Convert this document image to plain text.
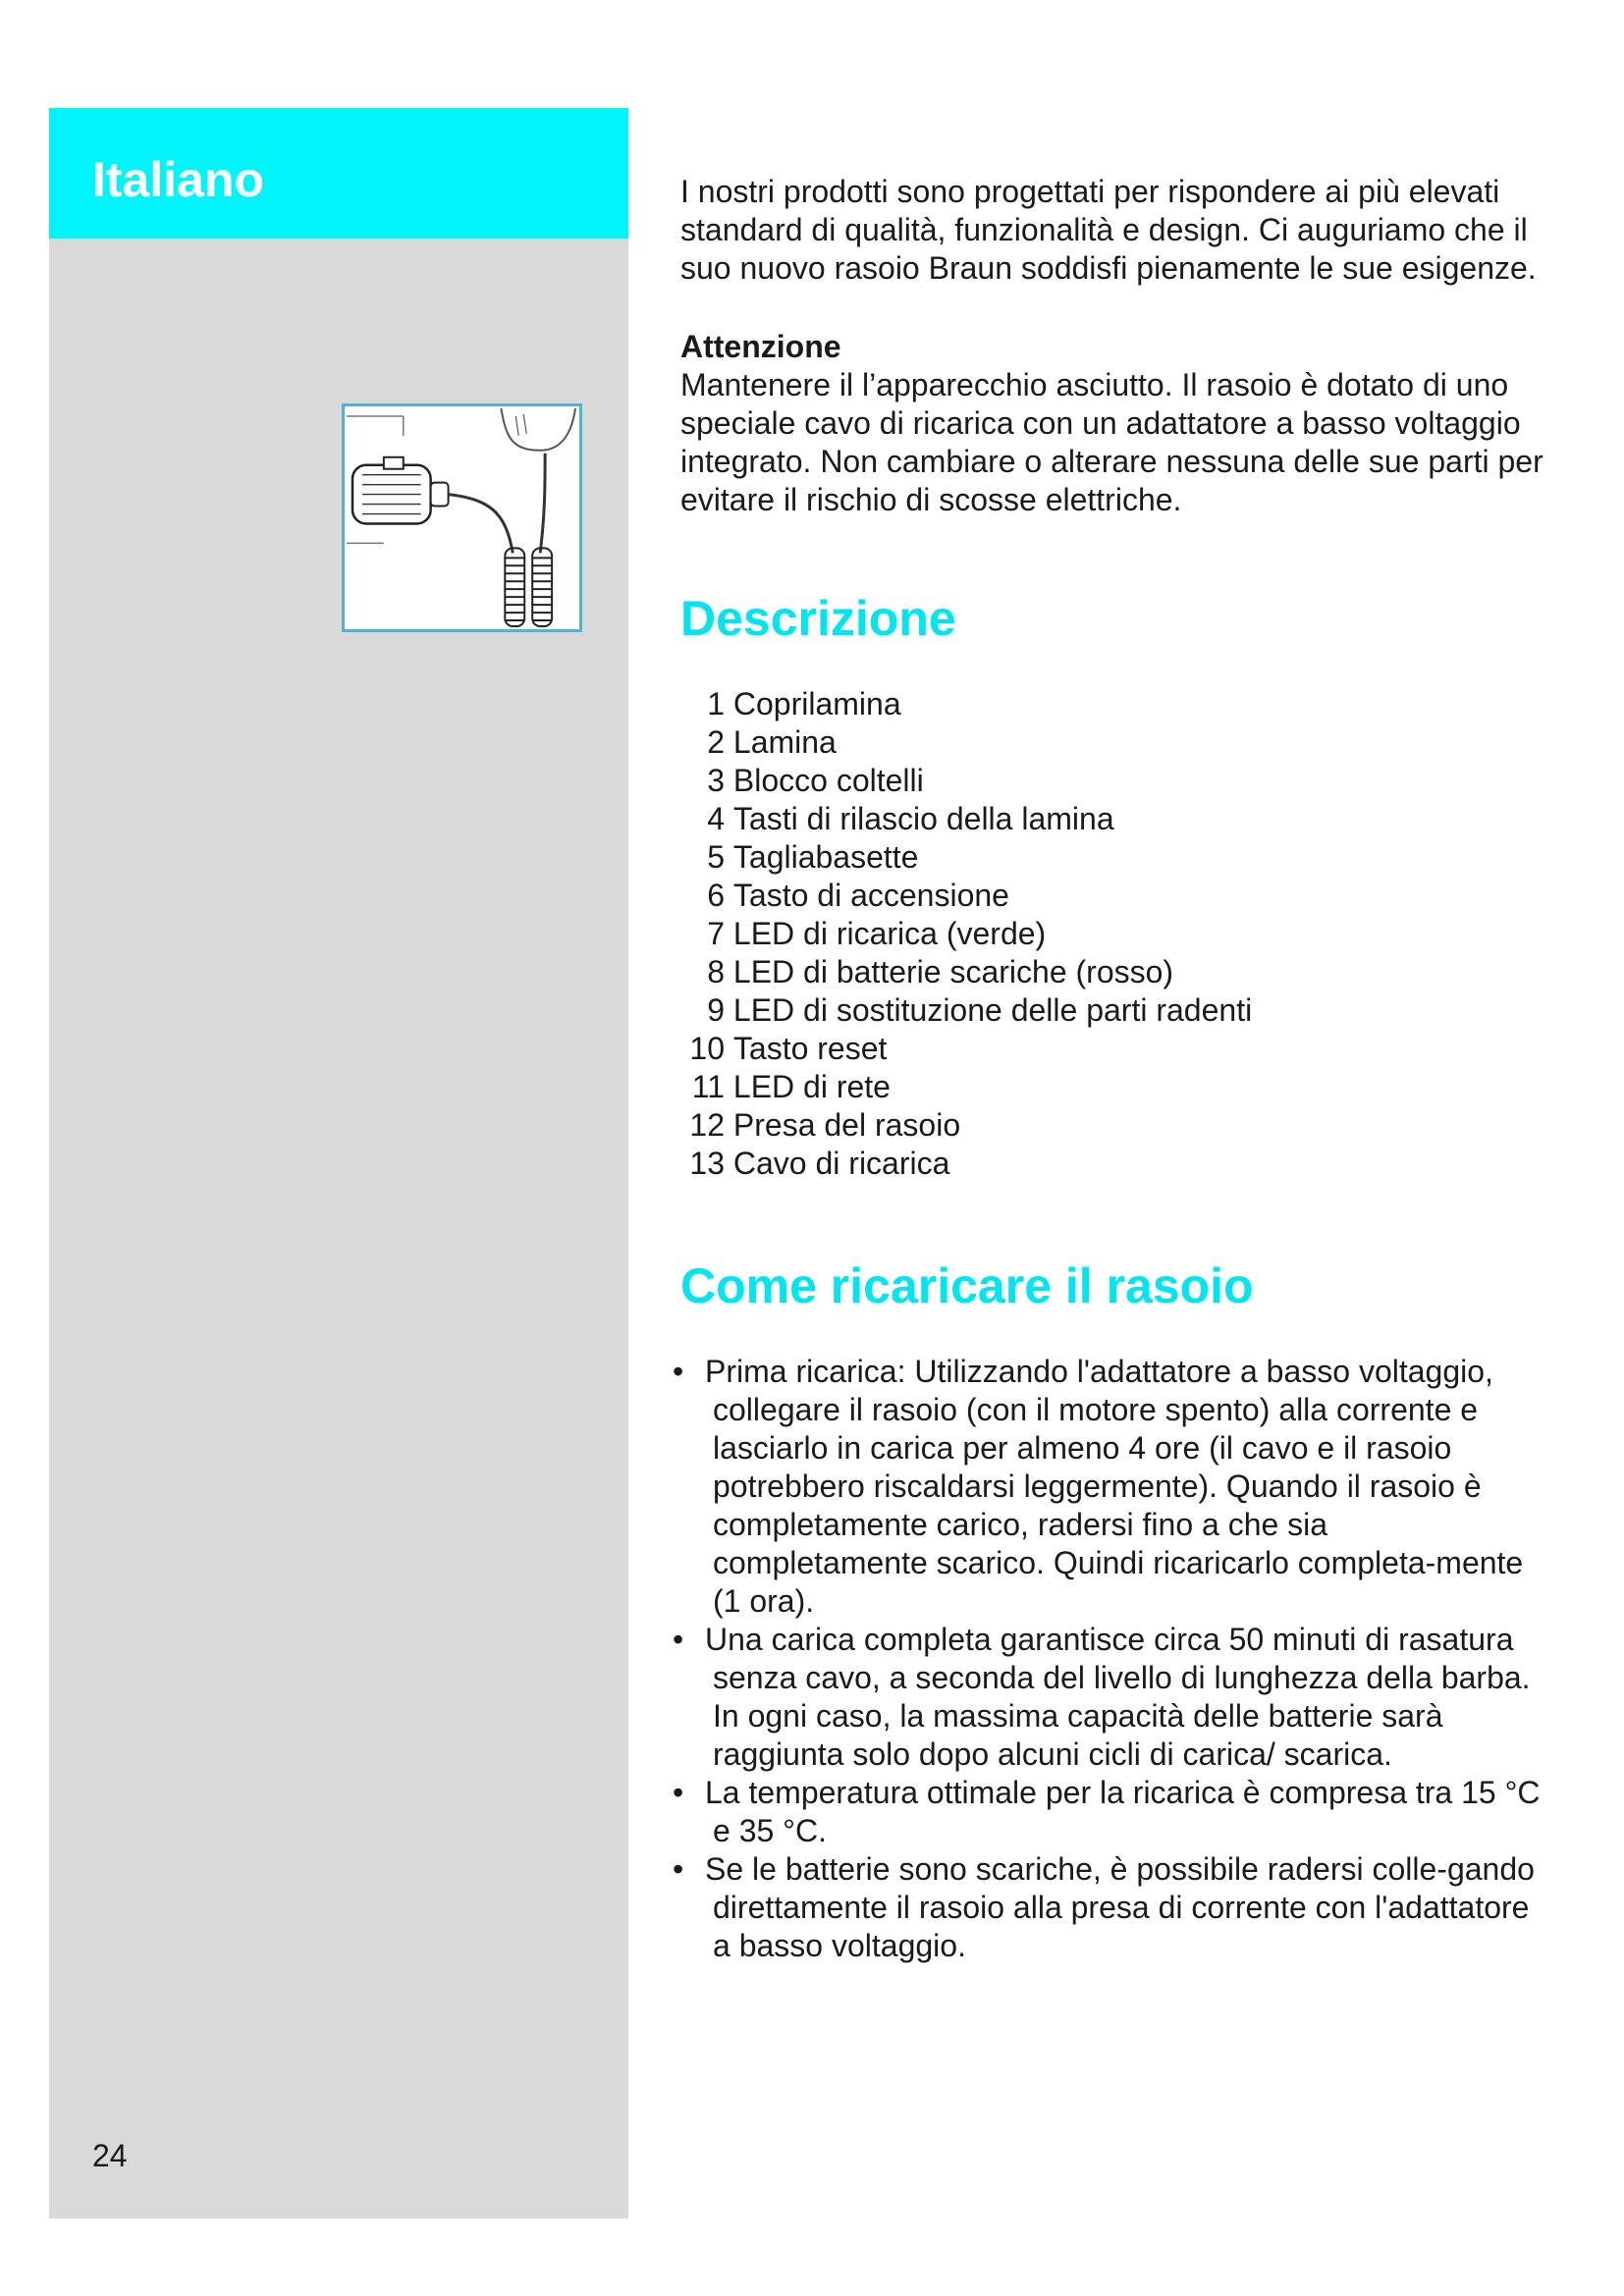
Italiano
24

I nostri prodotti sono progettati per rispondere ai più elevati standard di qualità, funzionalità e design. Ci auguriamo che il suo nuovo rasoio Braun soddisfi pienamente le sue esigenze.

Attenzione

Mantenere il l’apparecchio asciutto. Il rasoio è dotato di uno speciale cavo di ricarica con un adattatore a basso voltaggio integrato. Non cambiare o alterare nessuna delle sue parti per evitare il rischio di scosse elettriche.

Descrizione
1
Coprilamina
2
Lamina
3
Blocco coltelli
4
Tasti di rilascio della lamina
5
Tagliabasette
6
Tasto di accensione
7
LED di ricarica (verde)
8
LED di batterie scariche (rosso)
9
LED di sostituzione delle parti radenti
10
Tasto reset
11
LED di rete
12
Presa del rasoio
13
Cavo di ricarica
Come ricaricare il rasoio
• Prima ricarica: Utilizzando l'adattatore a basso voltaggio, collegare il rasoio (con il motore spento) alla corrente e lasciarlo in carica per almeno 4 ore (il cavo e il rasoio potrebbero riscaldarsi leggermente). Quando il rasoio è completamente carico, radersi fino a che sia completamente scarico. Quindi ricaricarlo completa-mente (1 ora).
• Una carica completa garantisce circa 50 minuti di rasatura senza cavo, a seconda del livello di lunghezza della barba. In ogni caso, la massima capacità delle batterie sarà raggiunta solo dopo alcuni cicli di carica/ scarica.
• La temperatura ottimale per la ricarica è compresa tra 15 °C e 35 °C.
• Se le batterie sono scariche, è possibile radersi colle-gando direttamente il rasoio alla presa di corrente con l'adattatore a basso voltaggio.
